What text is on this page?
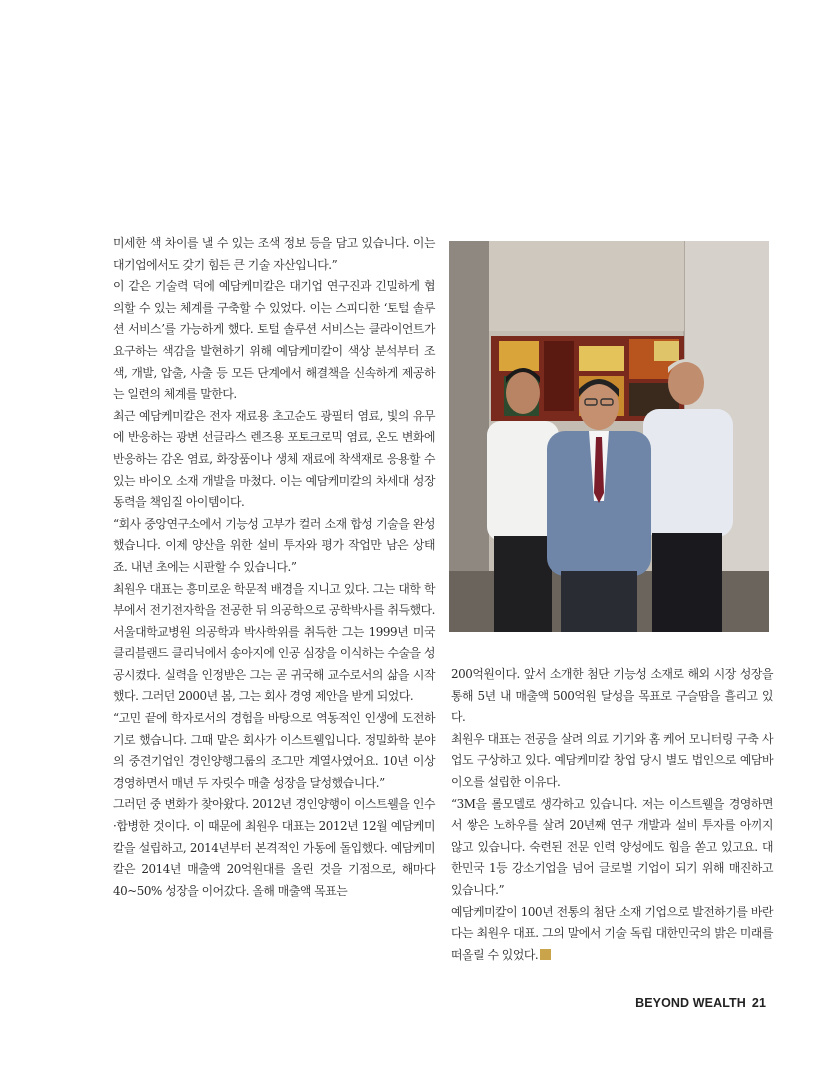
미세한 색 차이를 낼 수 있는 조색 정보 등을 담고 있습니다. 이는 대기업에서도 갖기 힘든 큰 기술 자산입니다.”

이 같은 기술력 덕에 예담케미칼은 대기업 연구진과 긴밀하게 협의할 수 있는 체계를 구축할 수 있었다. 이는 스피디한 ‘토털 솔루션 서비스’를 가능하게 했다. 토털 솔루션 서비스는 클라이언트가 요구하는 색감을 발현하기 위해 예담케미칼이 색상 분석부터 조색, 개발, 압출, 사출 등 모든 단계에서 해결책을 신속하게 제공하는 일련의 체계를 말한다.

최근 예담케미칼은 전자 재료용 초고순도 광필터 염료, 빛의 유무에 반응하는 광변 선글라스 렌즈용 포토크로믹 염료, 온도 변화에 반응하는 감온 염료, 화장품이나 생체 재료에 착색재로 응용할 수 있는 바이오 소재 개발을 마쳤다. 이는 예담케미칼의 차세대 성장 동력을 책임질 아이템이다.

“회사 중앙연구소에서 기능성 고부가 컬러 소재 합성 기술을 완성했습니다. 이제 양산을 위한 설비 투자와 평가 작업만 남은 상태죠. 내년 초에는 시판할 수 있습니다.”

최원우 대표는 흥미로운 학문적 배경을 지니고 있다. 그는 대학 학부에서 전기전자학을 전공한 뒤 의공학으로 공학박사를 취득했다. 서울대학교병원 의공학과 박사학위를 취득한 그는 1999년 미국 클리블랜드 클리닉에서 송아지에 인공 심장을 이식하는 수술을 성공시켰다. 실력을 인정받은 그는 곧 귀국해 교수로서의 삶을 시작했다. 그러던 2000년 봄, 그는 회사 경영 제안을 받게 되었다.

“고민 끝에 학자로서의 경험을 바탕으로 역동적인 인생에 도전하기로 했습니다. 그때 맡은 회사가 이스트웰입니다. 정밀화학 분야의 중견기업인 경인양행그룹의 조그만 계열사였어요. 10년 이상 경영하면서 매년 두 자릿수 매출 성장을 달성했습니다.”

그러던 중 변화가 찾아왔다. 2012년 경인양행이 이스트웰을 인수·합병한 것이다. 이 때문에 최원우 대표는 2012년 12월 예담케미칼을 설립하고, 2014년부터 본격적인 가동에 돌입했다. 예담케미칼은 2014년 매출액 20억원대를 올린 것을 기점으로, 해마다 40~50% 성장을 이어갔다. 올해 매출액 목표는

200억원이다. 앞서 소개한 첨단 기능성 소재로 해외 시장 성장을 통해 5년 내 매출액 500억원 달성을 목표로 구슬땀을 흘리고 있다.

최원우 대표는 전공을 살려 의료 기기와 홈 케어 모니터링 구축 사업도 구상하고 있다. 예담케미칼 창업 당시 별도 법인으로 예담바이오를 설립한 이유다.

“3M을 롤모델로 생각하고 있습니다. 저는 이스트웰을 경영하면서 쌓은 노하우를 살려 20년째 연구 개발과 설비 투자를 아끼지 않고 있습니다. 숙련된 전문 인력 양성에도 힘을 쏟고 있고요. 대한민국 1등 강소기업을 넘어 글로벌 기업이 되기 위해 매진하고 있습니다.”

예담케미칼이 100년 전통의 첨단 소재 기업으로 발전하기를 바란다는 최원우 대표. 그의 말에서 기술 독립 대한민국의 밝은 미래를 떠올릴 수 있었다.

BEYOND WEALTH 21
